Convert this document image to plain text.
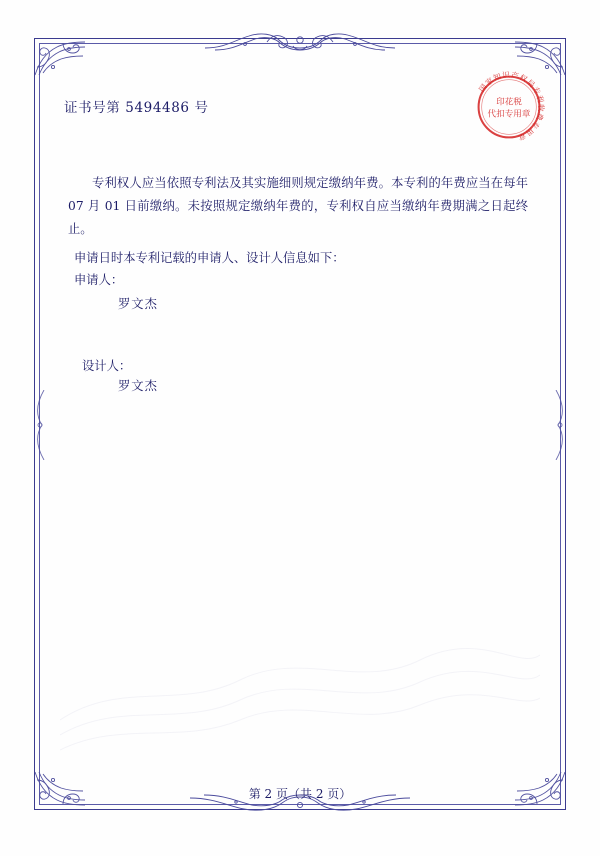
证书号第 5494486 号
专利权人应当依照专利法及其实施细则规定缴纳年费。本专利的年费应当在每年 07 月 01 日前缴纳。未按照规定缴纳年费的，专利权自应当缴纳年费期满之日起终止。
申请日时本专利记载的申请人、设计人信息如下：
申请人：
罗文杰
设计人：
罗文杰
第 2 页（共 2 页）
国家知识产权局专利收费专用章
印花税
代扣专用章
